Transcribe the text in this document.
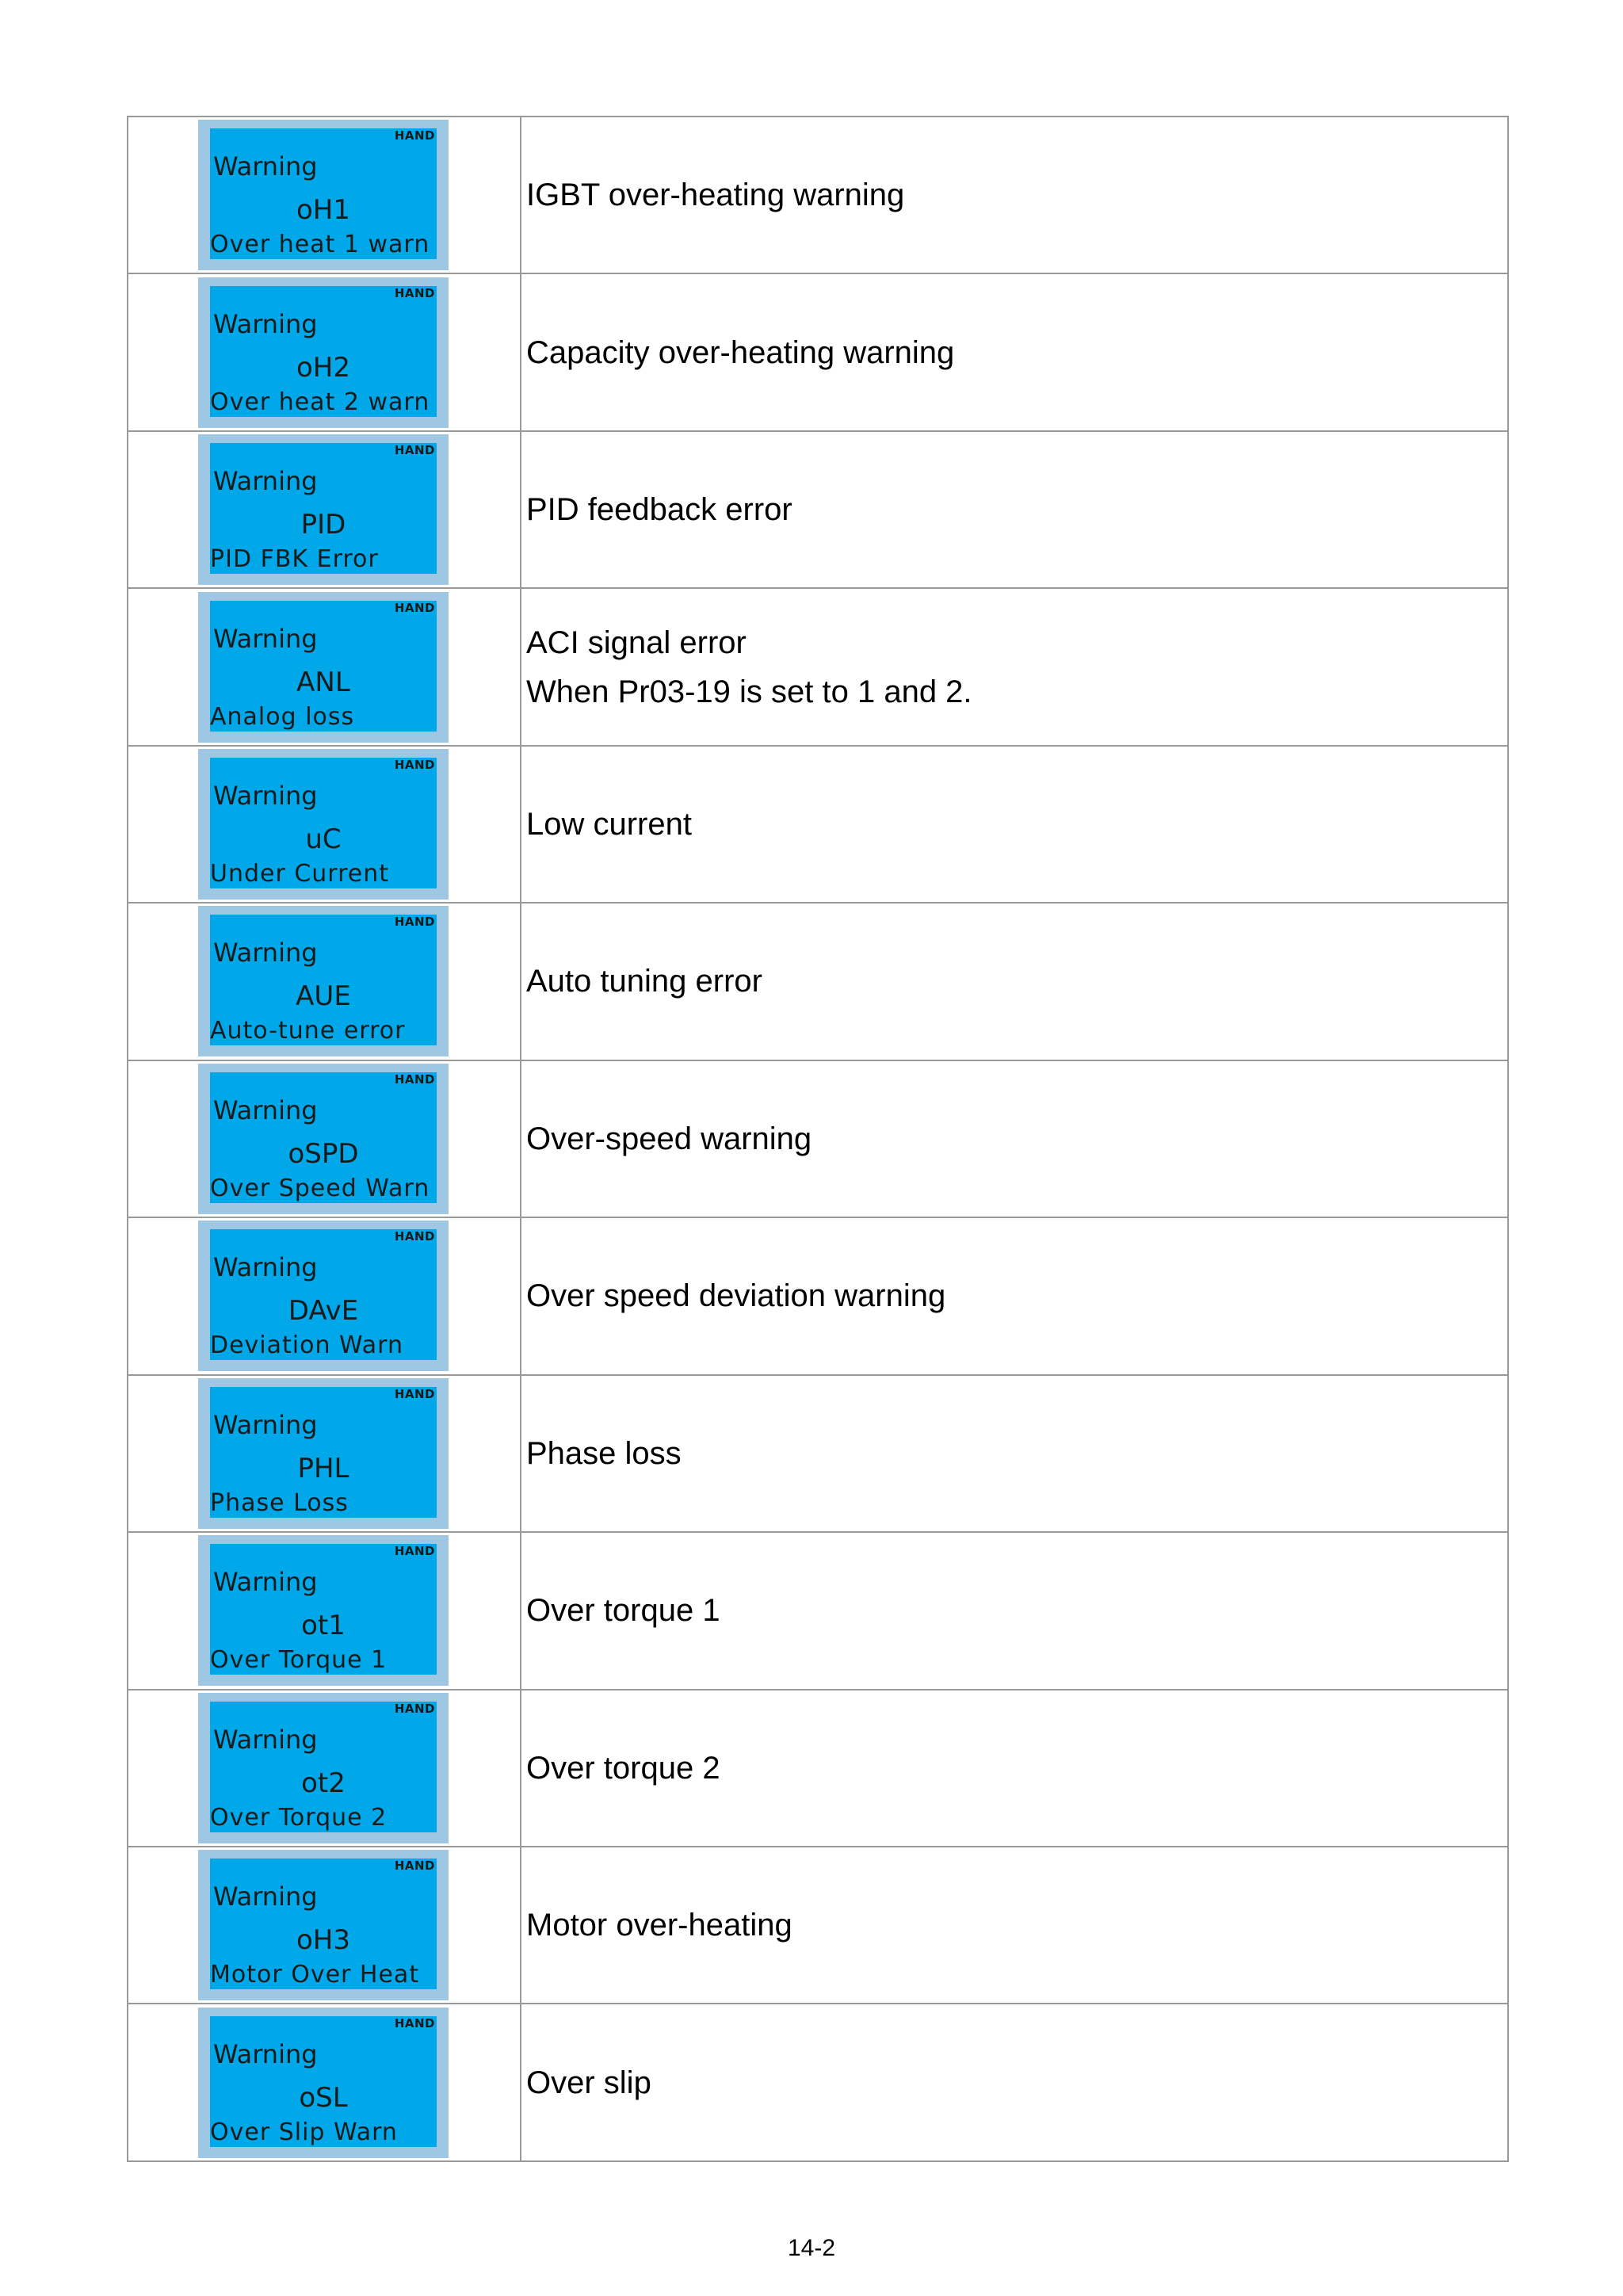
HAND
Warning
oH1
Over heat 1 warn	IGBT over-heating warning

HAND
Warning
oH2
Over heat 2 warn	Capacity over-heating warning

HAND
Warning
PID
PID FBK Error	PID feedback error

HAND
Warning
ANL
Analog loss	ACI signal error
When Pr03-19 is set to 1 and 2.

HAND
Warning
uC
Under Current	Low current

HAND
Warning
AUE
Auto-tune error	Auto tuning error

HAND
Warning
oSPD
Over Speed Warn	Over-speed warning

HAND
Warning
DAvE
Deviation Warn	Over speed deviation warning

HAND
Warning
PHL
Phase Loss	Phase loss

HAND
Warning
ot1
Over Torque 1	Over torque 1

HAND
Warning
ot2
Over Torque 2	Over torque 2

HAND
Warning
oH3
Motor Over Heat	Motor over-heating

HAND
Warning
oSL
Over Slip Warn	Over slip
14-2
